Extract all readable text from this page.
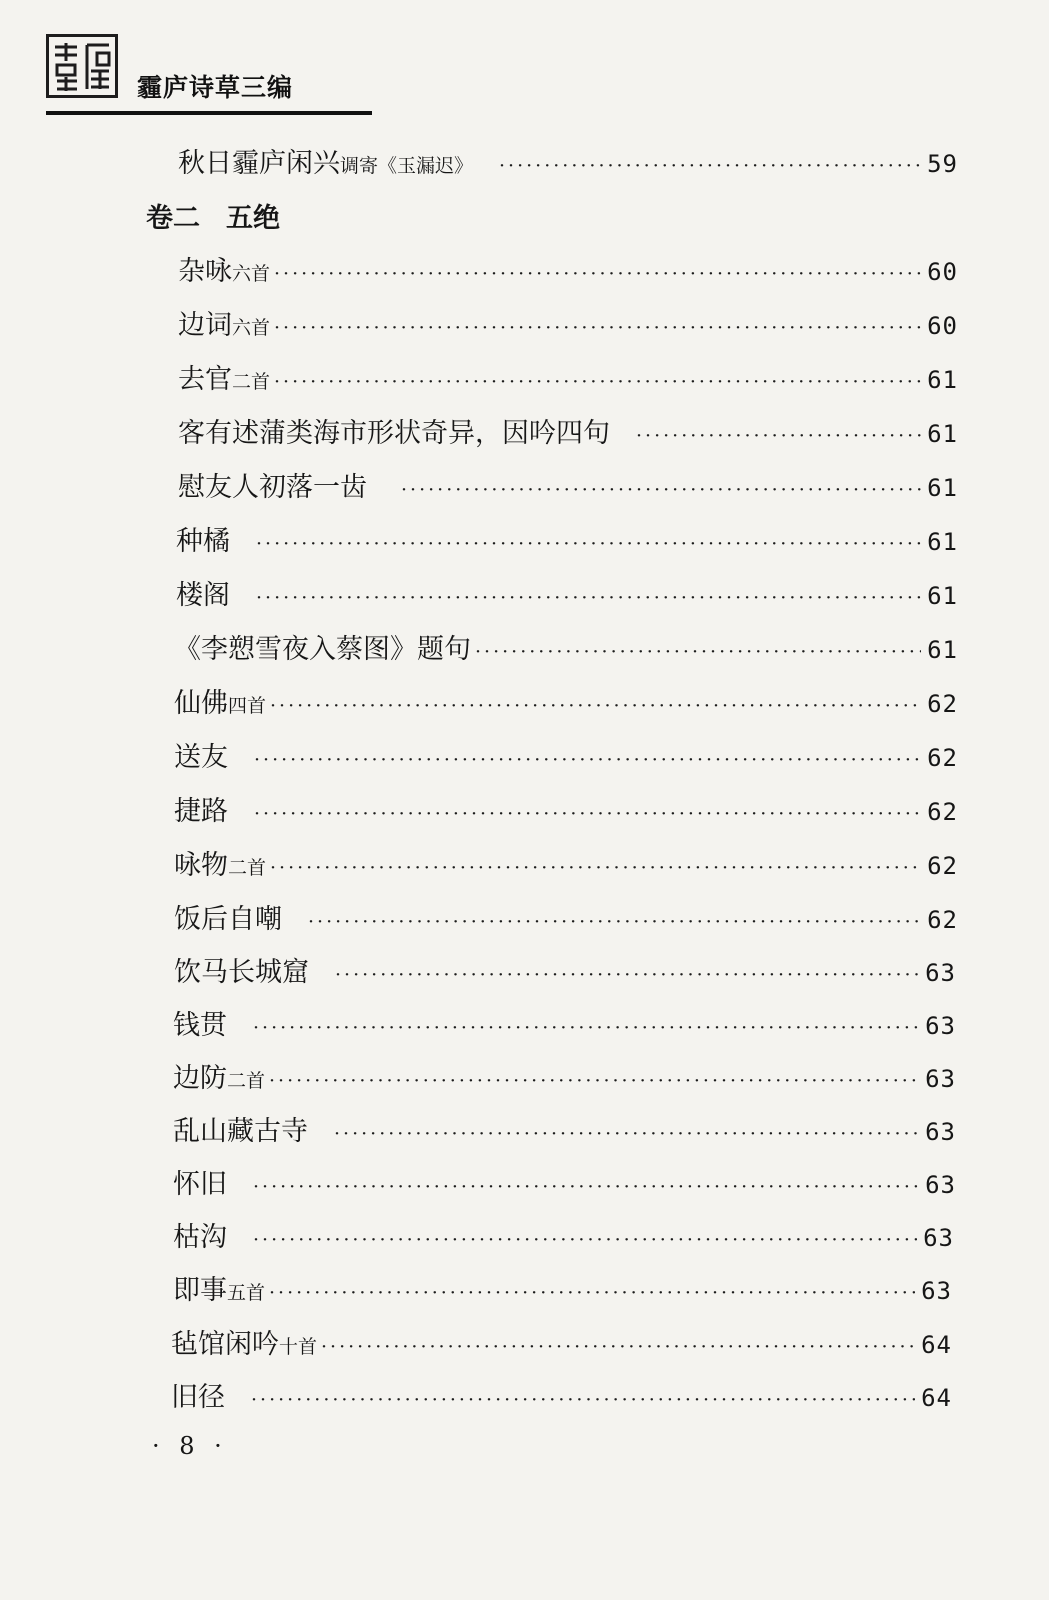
霾庐诗草三编
秋日霾庐闲兴 调寄《玉漏迟》 ·····	59
卷二 五绝
杂咏 六首 ·····	60
边词 六首 ·····	60
去官 二首 ·····	61
客有述蒲类海市形状奇异，因吟四句 ·····	61
慰友人初落一齿 ·····	61
种橘 ·····	61
楼阁 ·····	61
《李愬雪夜入蔡图》题句 ·····	61
仙佛 四首 ·····	62
送友 ·····	62
捷路 ·····	62
咏物 二首 ·····	62
饭后自嘲 ·····	62
饮马长城窟 ·····	63
钱贯 ·····	63
边防 二首 ·····	63
乱山藏古寺 ·····	63
怀旧 ·····	63
枯沟 ·····	63
即事 五首 ·····	63
毡馆闲吟 十首 ·····	64
旧径 ·····	64
· 8 ·
